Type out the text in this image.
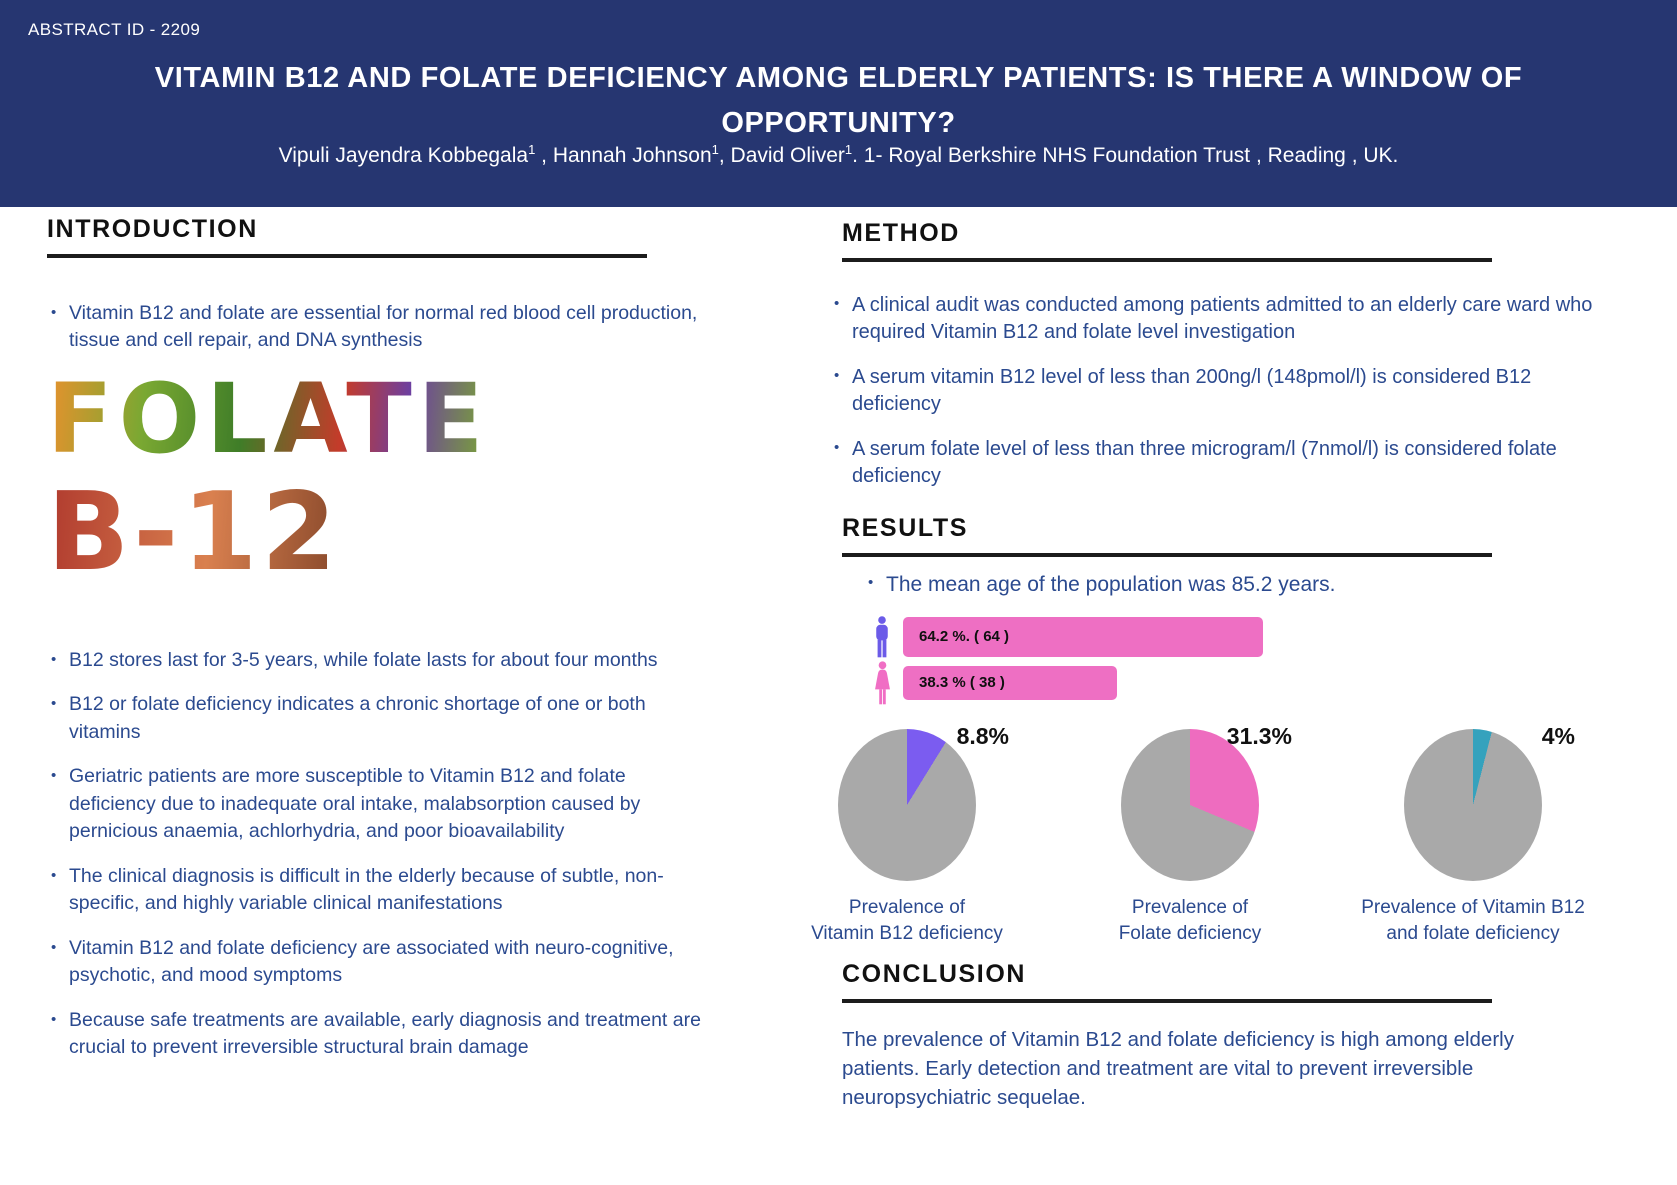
ABSTRACT ID - 2209
VITAMIN B12 AND FOLATE DEFICIENCY AMONG ELDERLY PATIENTS: IS THERE A WINDOW OF
OPPORTUNITY?
Vipuli Jayendra Kobbegala$^1$ , Hannah Johnson$^1$, David Oliver$^1$. 1- Royal Berkshire NHS Foundation Trust , Reading , UK.
INTRODUCTION
• Vitamin B12 and folate are essential for normal red blood cell production, tissue and cell repair, and DNA synthesis
FOLATE
B-12
• B12 stores last for 3-5 years, while folate lasts for about four months
• B12 or folate deficiency indicates a chronic shortage of one or both vitamins
• Geriatric patients are more susceptible to Vitamin B12 and folate deficiency due to inadequate oral intake, malabsorption caused by pernicious anaemia, achlorhydria, and poor bioavailability
• The clinical diagnosis is difficult in the elderly because of subtle, non-specific, and highly variable clinical manifestations
• Vitamin B12 and folate deficiency are associated with neuro-cognitive, psychotic, and mood symptoms
• Because safe treatments are available, early diagnosis and treatment are crucial to prevent irreversible structural brain damage
METHOD
• A clinical audit was conducted among patients admitted to an elderly care ward who required Vitamin B12 and folate level investigation
• A serum vitamin B12 level of less than 200ng/l (148pmol/l) is considered B12 deficiency
• A serum folate level of less than three microgram/l (7nmol/l) is considered folate deficiency
RESULTS
• The mean age of the population was 85.2 years.
64.2 %. ( 64 )
38.3 % ( 38 )
8.8%
Prevalence of
Vitamin B12 deficiency
31.3%
Prevalence of
Folate deficiency
4%
Prevalence of Vitamin B12
and folate deficiency
CONCLUSION

The prevalence of Vitamin B12 and folate deficiency is high among elderly patients. Early detection and treatment are vital to prevent irreversible neuropsychiatric sequelae.
